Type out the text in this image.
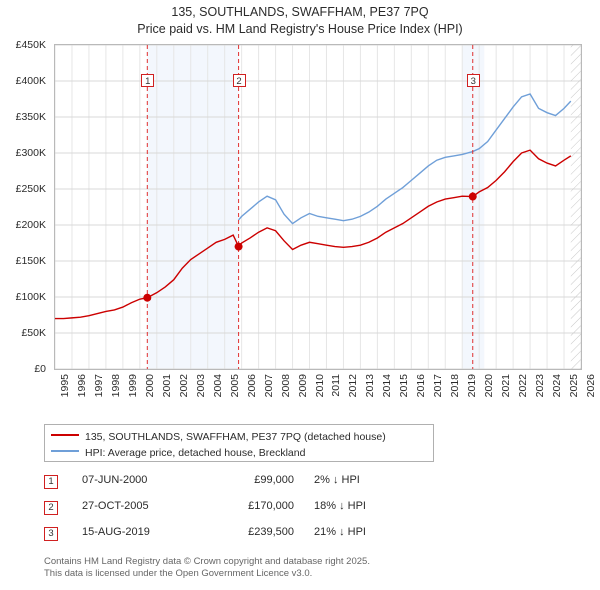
135, SOUTHLANDS, SWAFFHAM, PE37 7PQ
Price paid vs. HM Land Registry's House Price Index (HPI)
£0
£50K
£100K
£150K
£200K
£250K
£300K
£350K
£400K
£450K
1	2	3
1995 1996 1997 1998 1999 2000 2001 2002 2003 2004 2005 2006 2007 2008 2009 2010 2011 2012 2013 2014 2015 2016 2017 2018 2019 2020 2021 2022 2023 2024 2025 2026
135, SOUTHLANDS, SWAFFHAM, PE37 7PQ (detached house)
HPI: Average price, detached house, Breckland
1	07-JUN-2000	£99,000 2% ↓ HPI
2	27-OCT-2005	£170,000 18% ↓ HPI
3	15-AUG-2019	£239,500 21% ↓ HPI
Contains HM Land Registry data © Crown copyright and database right 2025.
This data is licensed under the Open Government Licence v3.0.
